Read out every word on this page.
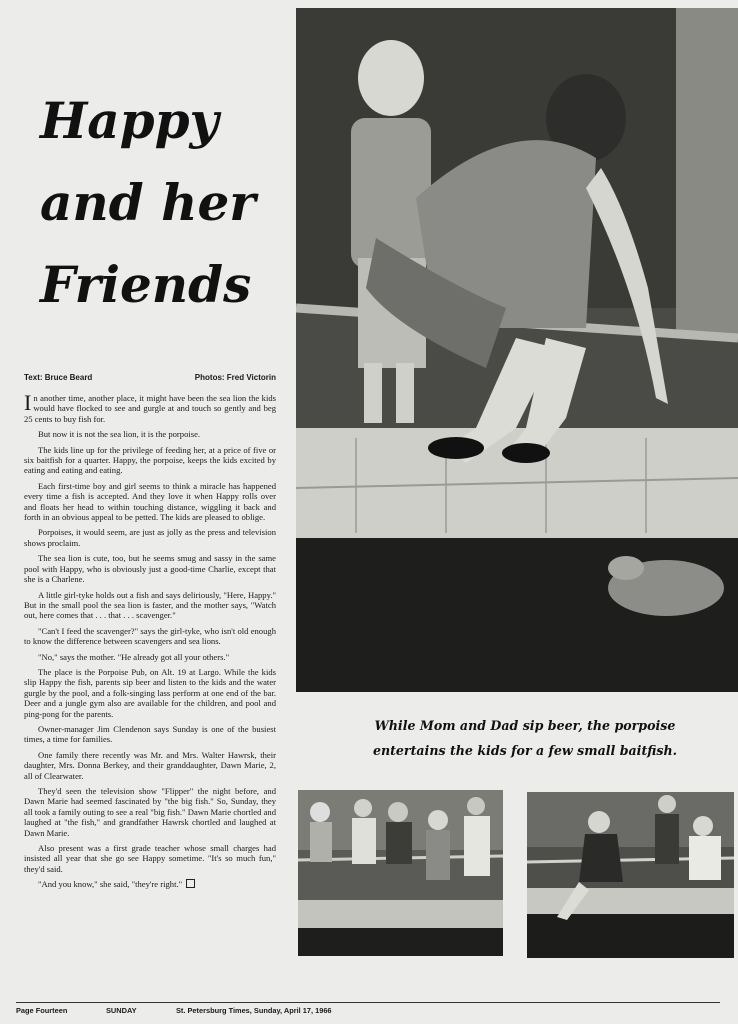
Happy
and her
Friends
Text: Bruce Beard	Photos: Fred Victorin

In another time, another place, it might have been the sea lion the kids would have flocked to see and gurgle at and touch so gently and beg 25 cents to buy fish for.

But now it is not the sea lion, it is the porpoise.

The kids line up for the privilege of feeding her, at a price of five or six baitfish for a quarter. Happy, the porpoise, keeps the kids excited by eating and eating and eating.

Each first-time boy and girl seems to think a miracle has happened every time a fish is accepted. And they love it when Happy rolls over and floats her head to within touching distance, wiggling it back and forth in an obvious appeal to be petted. The kids are pleased to oblige.

Porpoises, it would seem, are just as jolly as the press and television shows proclaim.

The sea lion is cute, too, but he seems smug and sassy in the same pool with Happy, who is obviously just a good-time Charlie, except that she is a Charlene.

A little girl-tyke holds out a fish and says deliriously, "Here, Happy." But in the small pool the sea lion is faster, and the mother says, "Watch out, here comes that . . . that . . . scavenger."

"Can't I feed the scavenger?" says the girl-tyke, who isn't old enough to know the difference between scavengers and sea lions.

"No," says the mother. "He already got all your others."

The place is the Porpoise Pub, on Alt. 19 at Largo. While the kids slip Happy the fish, parents sip beer and listen to the kids and the water gurgle by the pool, and a folk-singing lass perform at one end of the bar. Deer and a jungle gym also are available for the children, and pool and ping-pong for the parents.

Owner-manager Jim Clendenon says Sunday is one of the busiest times, a time for families.

One family there recently was Mr. and Mrs. Walter Hawrsk, their daughter, Mrs. Donna Berkey, and their granddaughter, Dawn Marie, 2, all of Clearwater.

They'd seen the television show "Flipper" the night before, and Dawn Marie had seemed fascinated by "the big fish." So, Sunday, they all took a family outing to see a real "big fish." Dawn Marie chortled and laughed at "the fish," and grandfather Hawrsk chortled and laughed at Dawn Marie.

Also present was a first grade teacher whose small charges had insisted all year that she go see Happy sometime. "It's so much fun," they'd said.

"And you know," she said, "they're right."

While Mom and Dad sip beer, the porpoise
entertains the kids for a few small baitfish.
Page Fourteen	SUNDAY	St. Petersburg Times, Sunday, April 17, 1966
